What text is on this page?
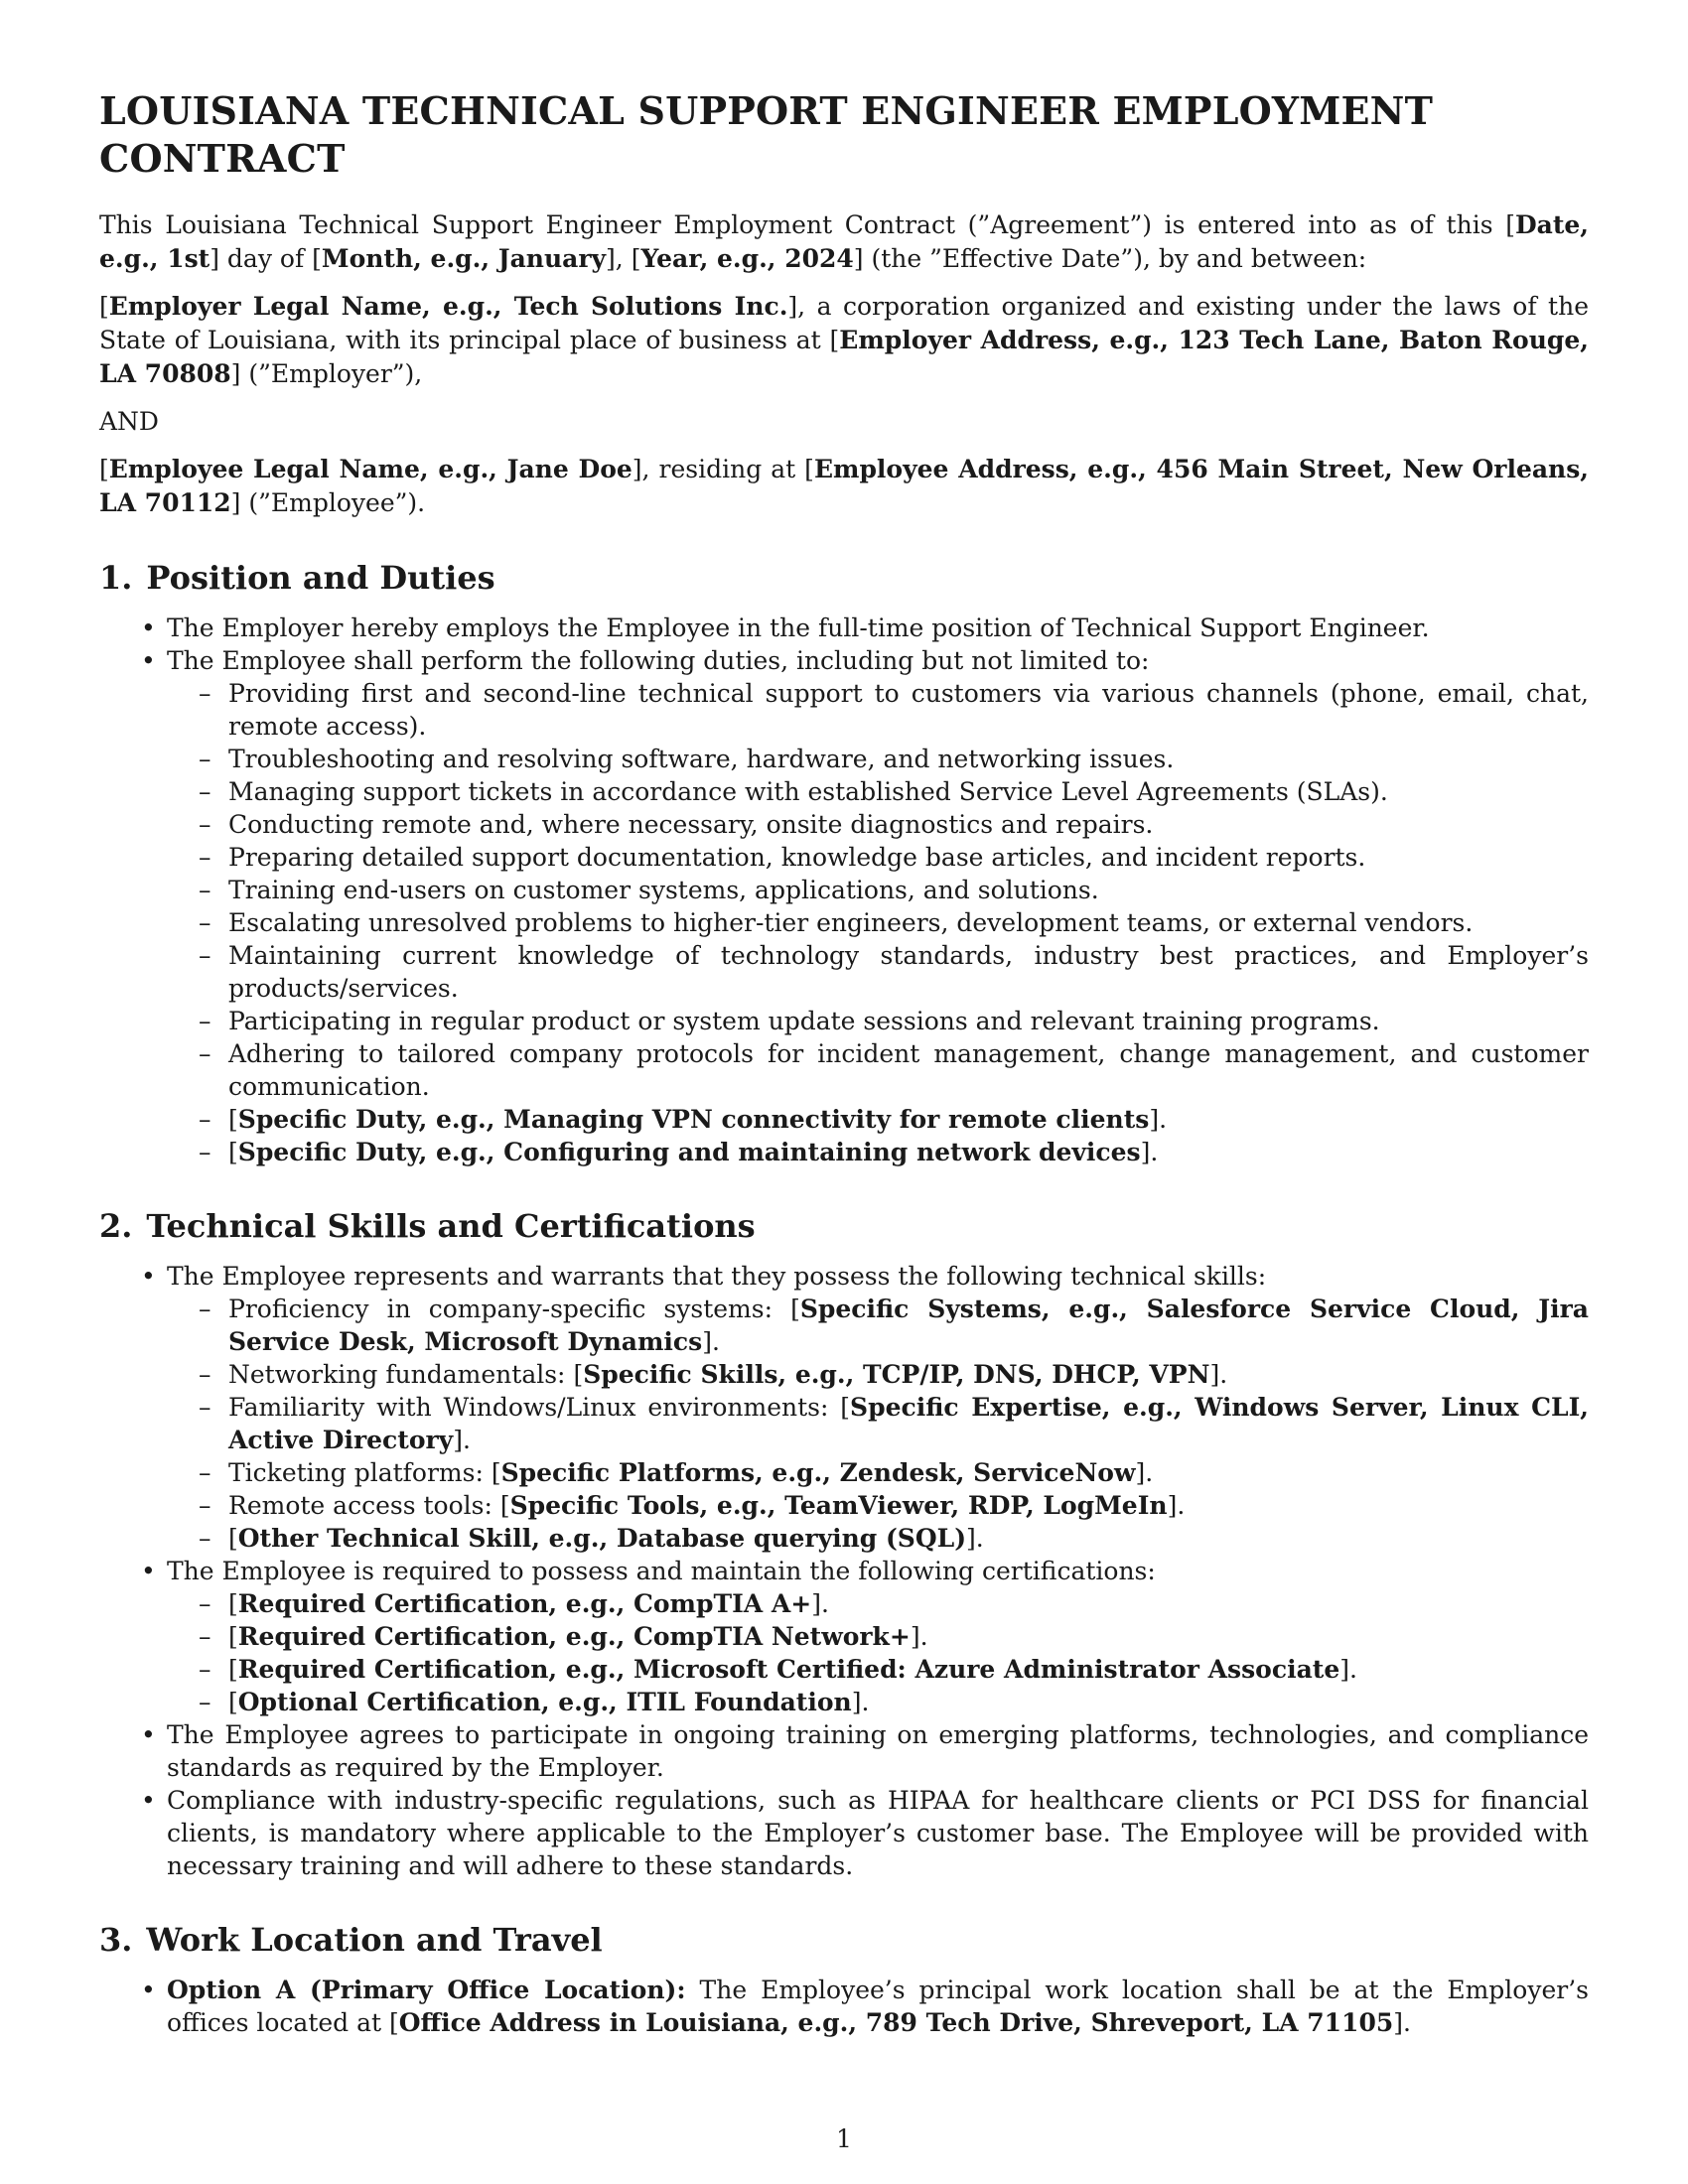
LOUISIANA TECHNICAL SUPPORT ENGINEER EMPLOYMENT CONTRACT

This Louisiana Technical Support Engineer Employment Contract (”Agreement”) is entered into as of this [Date, e.g., 1st] day of [Month, e.g., January], [Year, e.g., 2024] (the ”Effective Date”), by and between:

[Employer Legal Name, e.g., Tech Solutions Inc.], a corporation organized and existing under the laws of the State of Louisiana, with its principal place of business at [Employer Address, e.g., 123 Tech Lane, Baton Rouge, LA 70808] (”Employer”),

AND

[Employee Legal Name, e.g., Jane Doe], residing at [Employee Address, e.g., 456 Main Street, New Orleans, LA 70112] (”Employee”).

1. Position and Duties
• The Employer hereby employs the Employee in the full-time position of Technical Support Engineer.
• The Employee shall perform the following duties, including but not limited to:
– Providing first and second-line technical support to customers via various channels (phone, email, chat, remote access).
– Troubleshooting and resolving software, hardware, and networking issues.
– Managing support tickets in accordance with established Service Level Agreements (SLAs).
– Conducting remote and, where necessary, onsite diagnostics and repairs.
– Preparing detailed support documentation, knowledge base articles, and incident reports.
– Training end-users on customer systems, applications, and solutions.
– Escalating unresolved problems to higher-tier engineers, development teams, or external vendors.
– Maintaining current knowledge of technology standards, industry best practices, and Employer’s products/services.
– Participating in regular product or system update sessions and relevant training programs.
– Adhering to tailored company protocols for incident management, change management, and customer communication.
– [Specific Duty, e.g., Managing VPN connectivity for remote clients].
– [Specific Duty, e.g., Configuring and maintaining network devices].
2. Technical Skills and Certifications
• The Employee represents and warrants that they possess the following technical skills:
– Proficiency in company-specific systems: [Specific Systems, e.g., Salesforce Service Cloud, Jira Service Desk, Microsoft Dynamics].
– Networking fundamentals: [Specific Skills, e.g., TCP/IP, DNS, DHCP, VPN].
– Familiarity with Windows/Linux environments: [Specific Expertise, e.g., Windows Server, Linux CLI, Active Directory].
– Ticketing platforms: [Specific Platforms, e.g., Zendesk, ServiceNow].
– Remote access tools: [Specific Tools, e.g., TeamViewer, RDP, LogMeIn].
– [Other Technical Skill, e.g., Database querying (SQL)].
• The Employee is required to possess and maintain the following certifications:
– [Required Certification, e.g., CompTIA A+].
– [Required Certification, e.g., CompTIA Network+].
– [Required Certification, e.g., Microsoft Certified: Azure Administrator Associate].
– [Optional Certification, e.g., ITIL Foundation].
• The Employee agrees to participate in ongoing training on emerging platforms, technologies, and compliance standards as required by the Employer.
• Compliance with industry-specific regulations, such as HIPAA for healthcare clients or PCI DSS for financial clients, is mandatory where applicable to the Employer’s customer base. The Employee will be provided with necessary training and will adhere to these standards.
3. Work Location and Travel
• Option A (Primary Office Location): The Employee’s principal work location shall be at the Employer’s offices located at [Office Address in Louisiana, e.g., 789 Tech Drive, Shreveport, LA 71105].
1
